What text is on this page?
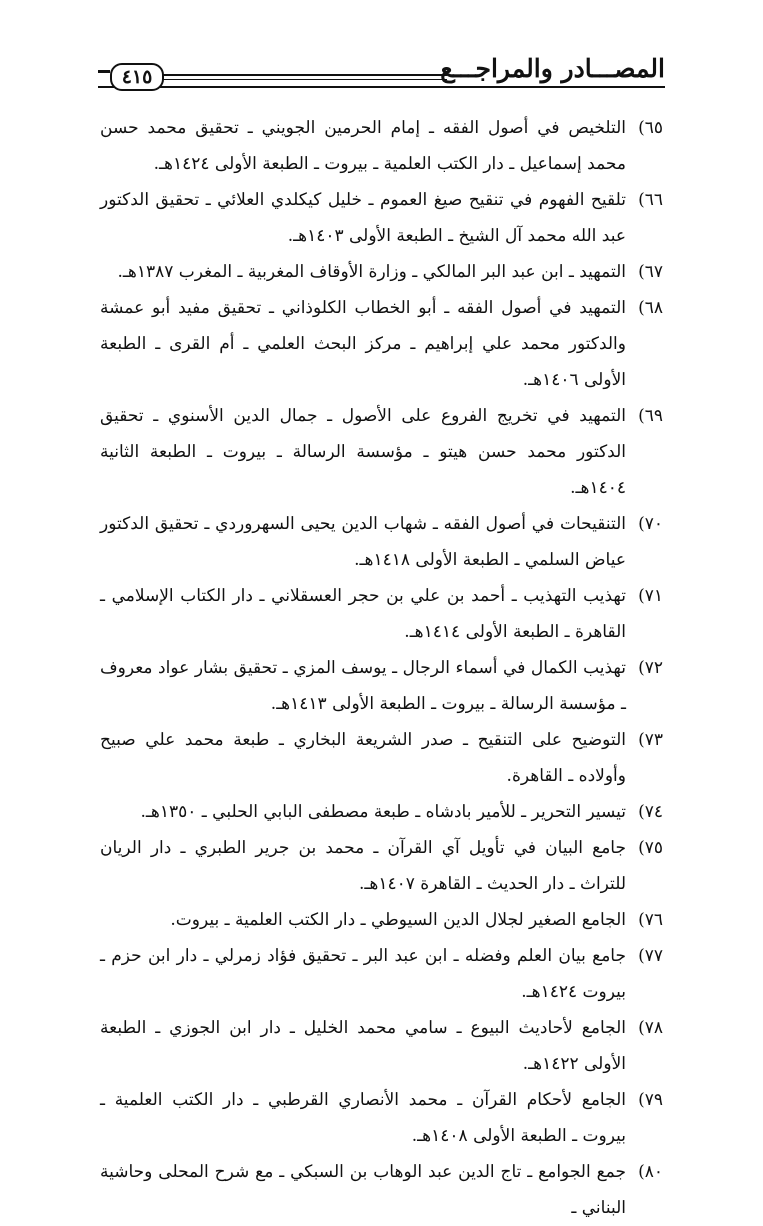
المصـــادر والمراجـــع
٤١٥
٦٥)
التلخيص في أصول الفقه ـ إمام الحرمين الجويني ـ تحقيق محمد حسن محمد إسماعيل ـ دار الكتب العلمية ـ بيروت ـ الطبعة الأولى ١٤٢٤هـ.
٦٦)
تلقيح الفهوم في تنقيح صيغ العموم ـ خليل كيكلدي العلائي ـ تحقيق الدكتور عبد الله محمد آل الشيخ ـ الطبعة الأولى ١٤٠٣هـ.
٦٧)
التمهيد ـ ابن عبد البر المالكي ـ وزارة الأوقاف المغربية ـ المغرب ١٣٨٧هـ.
٦٨)
التمهيد في أصول الفقه ـ أبو الخطاب الكلوذاني ـ تحقيق مفيد أبو عمشة والدكتور محمد علي إبراهيم ـ مركز البحث العلمي ـ أم القرى ـ الطبعة الأولى ١٤٠٦هـ.
٦٩)
التمهيد في تخريج الفروع على الأصول ـ جمال الدين الأسنوي ـ تحقيق الدكتور محمد حسن هيتو ـ مؤسسة الرسالة ـ بيروت ـ الطبعة الثانية ١٤٠٤هـ.
٧٠)
التنقيحات في أصول الفقه ـ شهاب الدين يحيى السهروردي ـ تحقيق الدكتور عياض السلمي ـ الطبعة الأولى ١٤١٨هـ.
٧١)
تهذيب التهذيب ـ أحمد بن علي بن حجر العسقلاني ـ دار الكتاب الإسلامي ـ القاهرة ـ الطبعة الأولى ١٤١٤هـ.
٧٢)
تهذيب الكمال في أسماء الرجال ـ يوسف المزي ـ تحقيق بشار عواد معروف ـ مؤسسة الرسالة ـ بيروت ـ الطبعة الأولى ١٤١٣هـ.
٧٣)
التوضيح على التنقيح ـ صدر الشريعة البخاري ـ طبعة محمد علي صبيح وأولاده ـ القاهرة.
٧٤)
تيسير التحرير ـ للأمير بادشاه ـ طبعة مصطفى البابي الحلبي ـ ١٣٥٠هـ.
٧٥)
جامع البيان في تأويل آي القرآن ـ محمد بن جرير الطبري ـ دار الريان للتراث ـ دار الحديث ـ القاهرة ١٤٠٧هـ.
٧٦)
الجامع الصغير لجلال الدين السيوطي ـ دار الكتب العلمية ـ بيروت.
٧٧)
جامع بيان العلم وفضله ـ ابن عبد البر ـ تحقيق فؤاد زمرلي ـ دار ابن حزم ـ بيروت ١٤٢٤هـ.
٧٨)
الجامع لأحاديث البيوع ـ سامي محمد الخليل ـ دار ابن الجوزي ـ الطبعة الأولى ١٤٢٢هـ.
٧٩)
الجامع لأحكام القرآن ـ محمد الأنصاري القرطبي ـ دار الكتب العلمية ـ بيروت ـ الطبعة الأولى ١٤٠٨هـ.
٨٠)
جمع الجوامع ـ تاج الدين عبد الوهاب بن السبكي ـ مع شرح المحلى وحاشية البناني ـ
